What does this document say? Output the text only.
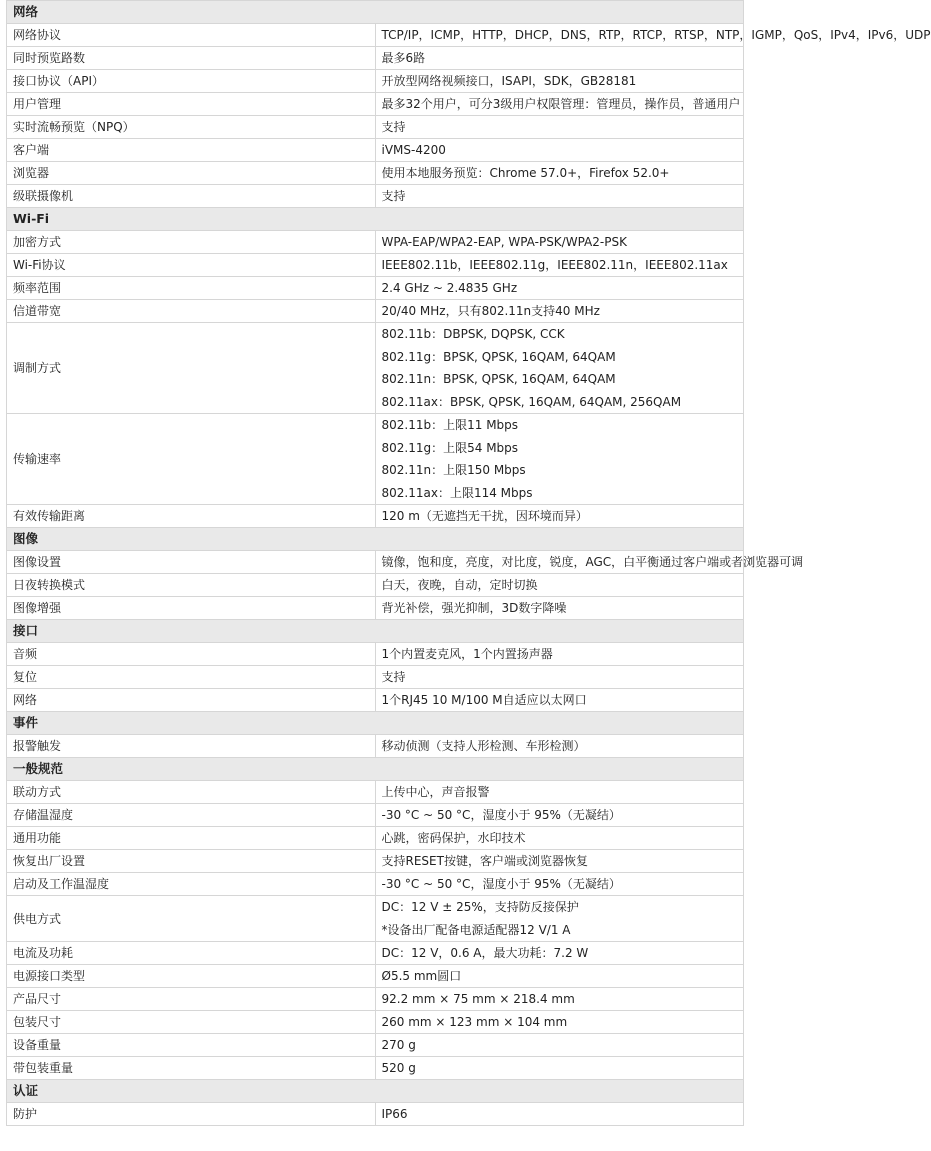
网络	
网络协议	TCP/IP，ICMP，HTTP，DHCP，DNS，RTP，RTCP，RTSP，NTP，IGMP，QoS，IPv4，IPv6，UDP
同时预览路数	最多6路
接口协议（API）	开放型网络视频接口，ISAPI，SDK，GB28181
用户管理	最多32个用户，可分3级用户权限管理：管理员，操作员，普通用户
实时流畅预览（NPQ）	支持
客户端	iVMS-4200
浏览器	使用本地服务预览：Chrome 57.0+，Firefox 52.0+
级联摄像机	支持
Wi-Fi	
加密方式	WPA-EAP/WPA2-EAP, WPA-PSK/WPA2-PSK
Wi-Fi协议	IEEE802.11b，IEEE802.11g，IEEE802.11n，IEEE802.11ax
频率范围	2.4 GHz ~ 2.4835 GHz
信道带宽	20/40 MHz，只有802.11n支持40 MHz
调制方式	802.11b：DBPSK, DQPSK, CCK
802.11g：BPSK, QPSK, 16QAM, 64QAM
802.11n：BPSK, QPSK, 16QAM, 64QAM
802.11ax：BPSK, QPSK, 16QAM, 64QAM, 256QAM

传输速率	802.11b：上限11 Mbps
802.11g：上限54 Mbps
802.11n：上限150 Mbps
802.11ax：上限114 Mbps

有效传输距离	120 m（无遮挡无干扰，因环境而异）
图像	
图像设置	镜像，饱和度，亮度，对比度，锐度，AGC，白平衡通过客户端或者浏览器可调
日夜转换模式	白天，夜晚，自动，定时切换
图像增强	背光补偿，强光抑制，3D数字降噪
接口	
音频	1个内置麦克风，1个内置扬声器
复位	支持
网络	1个RJ45 10 M/100 M自适应以太网口
事件	
报警触发	移动侦测（支持人形检测、车形检测）
一般规范	
联动方式	上传中心，声音报警
存储温湿度	-30 °C ~ 50 °C，湿度小于 95%（无凝结）
通用功能	心跳，密码保护，水印技术
恢复出厂设置	支持RESET按键，客户端或浏览器恢复
启动及工作温湿度	-30 °C ~ 50 °C，湿度小于 95%（无凝结）
供电方式	DC：12 V ± 25%，支持防反接保护
*设备出厂配备电源适配器12 V/1 A

电流及功耗	DC：12 V，0.6 A，最大功耗：7.2 W
电源接口类型	Ø5.5 mm圆口
产品尺寸	92.2 mm × 75 mm × 218.4 mm
包装尺寸	260 mm × 123 mm × 104 mm
设备重量	270 g
带包装重量	520 g
认证	
防护	IP66
